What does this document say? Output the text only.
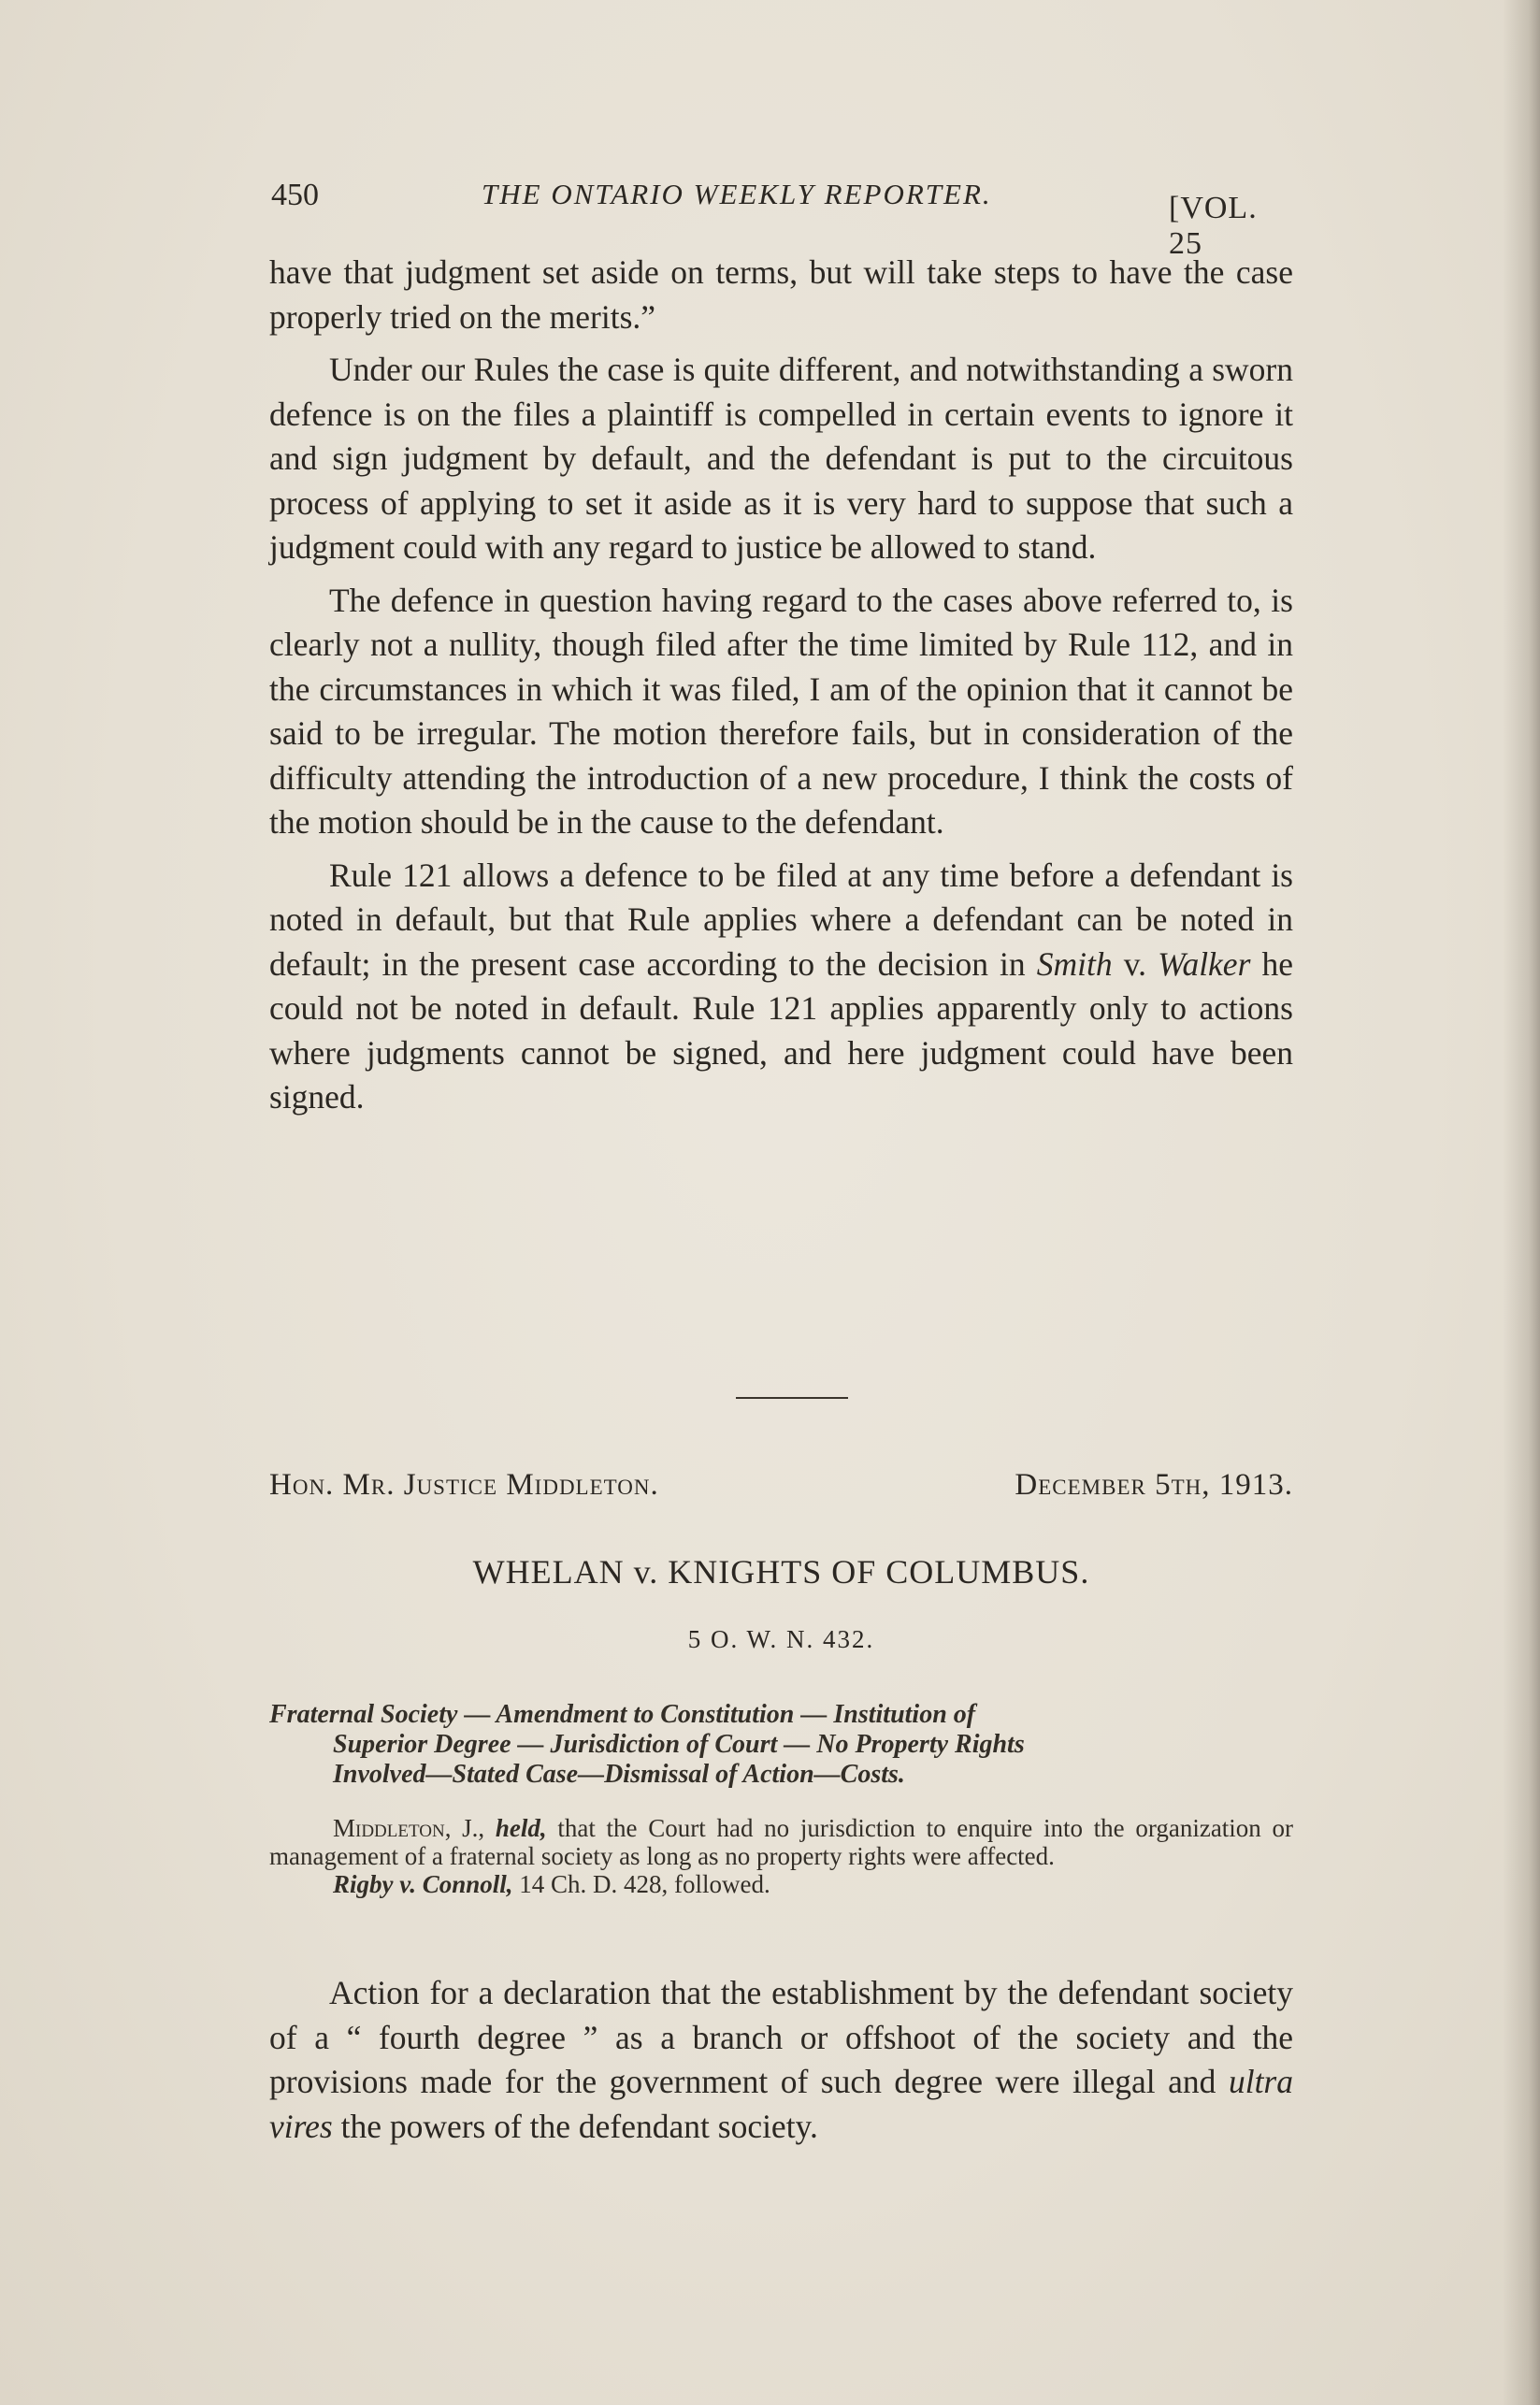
450	THE ONTARIO WEEKLY REPORTER.	[VOL. 25

have that judgment set aside on terms, but will take steps to have the case properly tried on the merits.”

Under our Rules the case is quite different, and notwithstanding a sworn defence is on the files a plaintiff is compelled in certain events to ignore it and sign judgment by default, and the defendant is put to the circuitous process of applying to set it aside as it is very hard to suppose that such a judgment could with any regard to justice be allowed to stand.

The defence in question having regard to the cases above referred to, is clearly not a nullity, though filed after the time limited by Rule 112, and in the circumstances in which it was filed, I am of the opinion that it cannot be said to be irregular. The motion therefore fails, but in consideration of the difficulty attending the introduction of a new procedure, I think the costs of the motion should be in the cause to the defendant.

Rule 121 allows a defence to be filed at any time before a defendant is noted in default, but that Rule applies where a defendant can be noted in default; in the present case according to the decision in Smith v. Walker he could not be noted in default. Rule 121 applies apparently only to actions where judgments cannot be signed, and here judgment could have been signed.

Hon. Mr. Justice Middleton.	December 5th, 1913.
WHELAN v. KNIGHTS OF COLUMBUS.
5 O. W. N. 432.
Fraternal Society — Amendment to Constitution — Institution of
Superior Degree — Jurisdiction of Court — No Property Rights
Involved—Stated Case—Dismissal of Action—Costs.

Middleton, J., held, that the Court had no jurisdiction to enquire into the organization or management of a fraternal society as long as no property rights were affected.

Rigby v. Connoll, 14 Ch. D. 428, followed.

Action for a declaration that the establishment by the defendant society of a “ fourth degree ” as a branch or offshoot of the society and the provisions made for the government of such degree were illegal and ultra vires the powers of the defendant society.
